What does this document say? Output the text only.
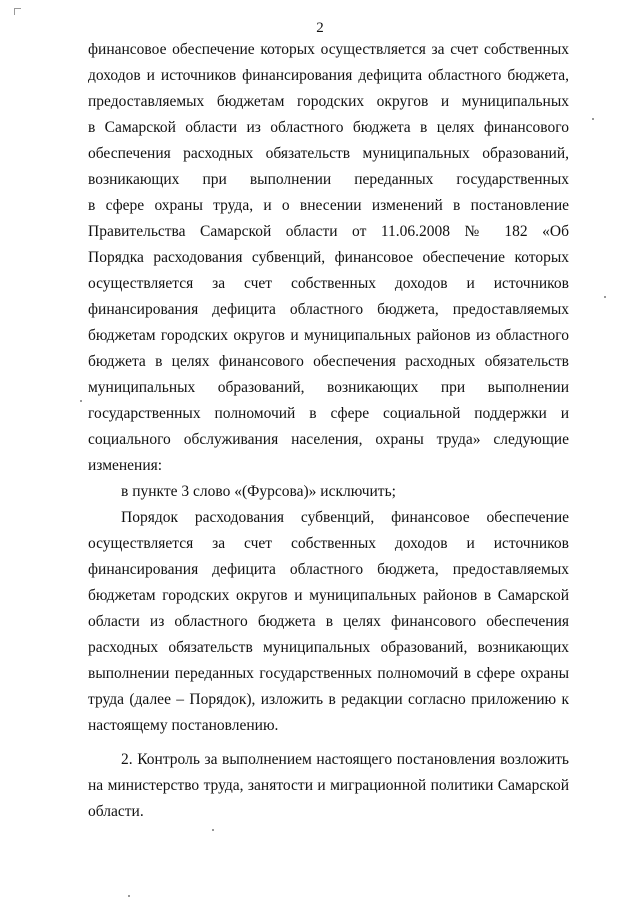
2
финансовое обеспечение которых осуществляется за счет собственных
доходов и источников финансирования дефицита областного бюджета,
предоставляемых бюджетам городских округов и муниципальных
в Самарской области из областного бюджета в целях финансового
обеспечения расходных обязательств муниципальных образований,
возникающих при выполнении переданных государственных
в сфере охраны труда, и о внесении изменений в постановление
Правительства Самарской области от 11.06.2008 № 182 «Об
Порядка расходования субвенций, финансовое обеспечение которых
осуществляется за счет собственных доходов и источников
финансирования дефицита областного бюджета, предоставляемых
бюджетам городских округов и муниципальных районов из областного
бюджета в целях финансового обеспечения расходных обязательств
муниципальных образований, возникающих при выполнении
государственных полномочий в сфере социальной поддержки и
социального обслуживания населения, охраны труда» следующие
изменения:
в пункте 3 слово «(Фурсова)» исключить;
Порядок расходования субвенций, финансовое обеспечение
осуществляется за счет собственных доходов и источников
финансирования дефицита областного бюджета, предоставляемых
бюджетам городских округов и муниципальных районов в Самарской
области из областного бюджета в целях финансового обеспечения
расходных обязательств муниципальных образований, возникающих
выполнении переданных государственных полномочий в сфере охраны
труда (далее – Порядок), изложить в редакции согласно приложению к
настоящему постановлению.
2. Контроль за выполнением настоящего постановления возложить
на министерство труда, занятости и миграционной политики Самарской
области.
